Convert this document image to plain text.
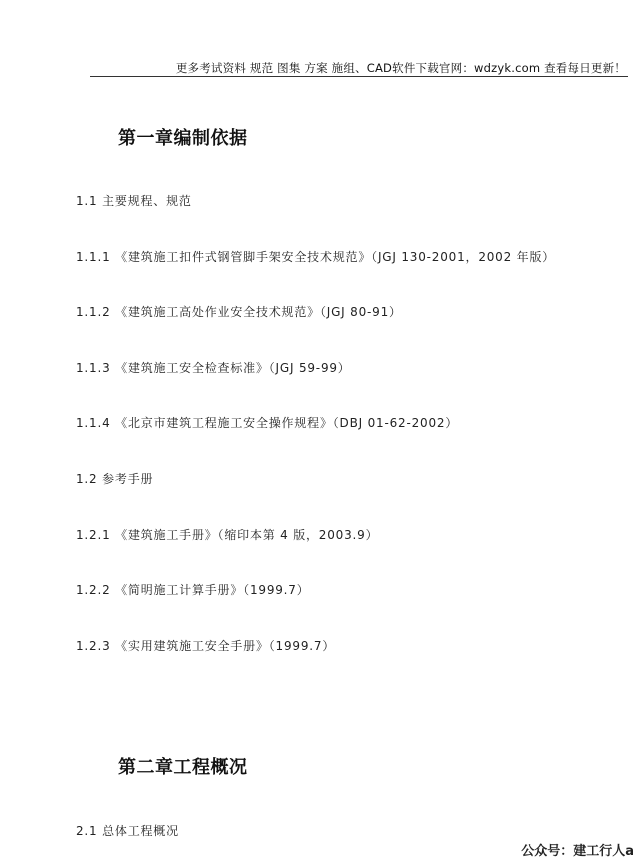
更多考试资料 规范 图集 方案 施组、CAD软件下载官网：wdzyk.com 查看每日更新！
第一章编制依据
1.1 主要规程、规范
1.1.1 《建筑施工扣件式钢管脚手架安全技术规范》（JGJ 130-2001，2002 年版）
1.1.2 《建筑施工高处作业安全技术规范》（JGJ 80-91）
1.1.3 《建筑施工安全检查标准》（JGJ 59-99）
1.1.4 《北京市建筑工程施工安全操作规程》（DBJ 01-62-2002）
1.2 参考手册
1.2.1 《建筑施工手册》（缩印本第 4 版，2003.9）
1.2.2 《简明施工计算手册》（1999.7）
1.2.3 《实用建筑施工安全手册》（1999.7）
第二章工程概况
2.1 总体工程概况
公众号：建工行人a
